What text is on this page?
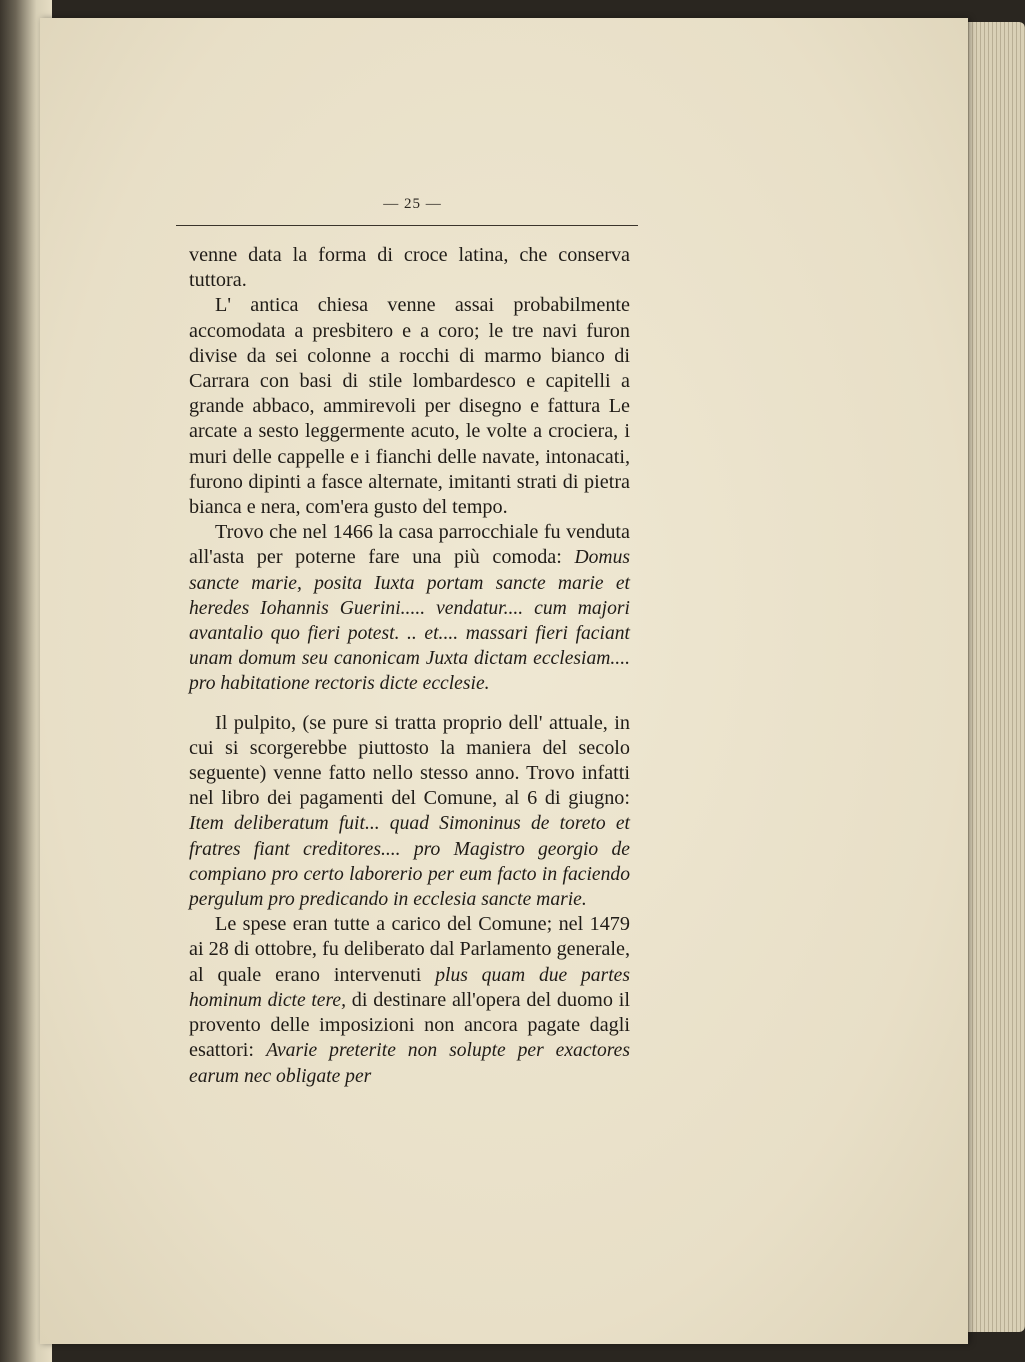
— 25 —

venne data la forma di croce latina, che conserva tuttora.

L' antica chiesa venne assai probabilmente accomodata a presbitero e a coro; le tre navi furon divise da sei colonne a rocchi di marmo bianco di Carrara con basi di stile lombardesco e capitelli a grande abbaco, ammirevoli per disegno e fattura Le arcate a sesto leggermente acuto, le volte a crociera, i muri delle cappelle e i fianchi delle navate, intonacati, furono dipinti a fasce alternate, imitanti strati di pietra bianca e nera, com'era gusto del tempo.

Trovo che nel 1466 la casa parrocchiale fu venduta all'asta per poterne fare una più comoda: Domus sancte marie, posita Iuxta portam sancte marie et heredes Iohannis Guerini..... vendatur.... cum majori avantalio quo fieri potest. .. et.... massari fieri faciant unam domum seu canonicam Juxta dictam ecclesiam.... pro habitatione rectoris dicte ecclesie.

Il pulpito, (se pure si tratta proprio dell' attuale, in cui si scorgerebbe piuttosto la maniera del secolo seguente) venne fatto nello stesso anno. Trovo infatti nel libro dei pagamenti del Comune, al 6 di giugno: Item deliberatum fuit... quad Simoninus de toreto et fratres fiant creditores.... pro Magistro georgio de compiano pro certo laborerio per eum facto in faciendo pergulum pro predicando in ecclesia sancte marie.

Le spese eran tutte a carico del Comune; nel 1479 ai 28 di ottobre, fu deliberato dal Parlamento generale, al quale erano intervenuti plus quam due partes hominum dicte tere, di destinare all'opera del duomo il provento delle imposizioni non ancora pagate dagli esattori: Avarie preterite non solupte per exactores earum nec obligate per
